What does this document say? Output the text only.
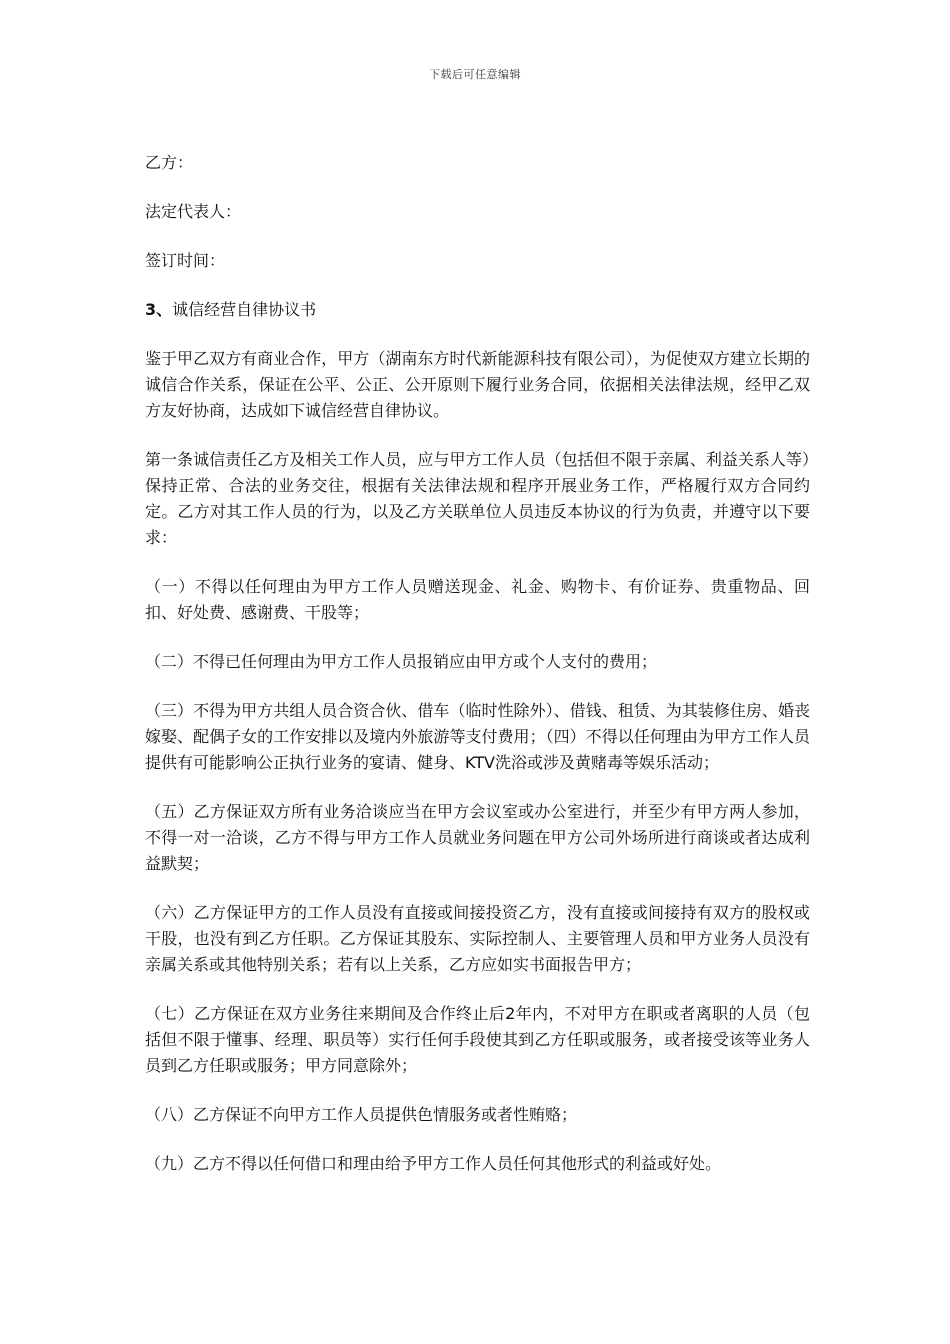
下载后可任意编辑

乙方：

法定代表人：

签订时间：

3、诚信经营自律协议书

鉴于甲乙双方有商业合作，甲方（湖南东方时代新能源科技有限公司），为促使双方建立长期的诚信合作关系，保证在公平、公正、公开原则下履行业务合同，依据相关法律法规，经甲乙双方友好协商，达成如下诚信经营自律协议。

第一条诚信责任乙方及相关工作人员，应与甲方工作人员（包括但不限于亲属、利益关系人等）保持正常、合法的业务交往，根据有关法律法规和程序开展业务工作，严格履行双方合同约定。乙方对其工作人员的行为，以及乙方关联单位人员违反本协议的行为负责，并遵守以下要求：

（一）不得以任何理由为甲方工作人员赠送现金、礼金、购物卡、有价证券、贵重物品、回扣、好处费、感谢费、干股等；

（二）不得已任何理由为甲方工作人员报销应由甲方或个人支付的费用；

（三）不得为甲方共组人员合资合伙、借车（临时性除外）、借钱、租赁、为其装修住房、婚丧嫁娶、配偶子女的工作安排以及境内外旅游等支付费用；（四）不得以任何理由为甲方工作人员提供有可能影响公正执行业务的宴请、健身、KTV洗浴或涉及黄赌毒等娱乐活动；

（五）乙方保证双方所有业务洽谈应当在甲方会议室或办公室进行，并至少有甲方两人参加，不得一对一洽谈，乙方不得与甲方工作人员就业务问题在甲方公司外场所进行商谈或者达成利益默契；

（六）乙方保证甲方的工作人员没有直接或间接投资乙方，没有直接或间接持有双方的股权或干股，也没有到乙方任职。乙方保证其股东、实际控制人、主要管理人员和甲方业务人员没有亲属关系或其他特别关系；若有以上关系，乙方应如实书面报告甲方；

（七）乙方保证在双方业务往来期间及合作终止后2年内，不对甲方在职或者离职的人员（包括但不限于懂事、经理、职员等）实行任何手段使其到乙方任职或服务，或者接受该等业务人员到乙方任职或服务；甲方同意除外；

（八）乙方保证不向甲方工作人员提供色情服务或者性贿赂；

（九）乙方不得以任何借口和理由给予甲方工作人员任何其他形式的利益或好处。
